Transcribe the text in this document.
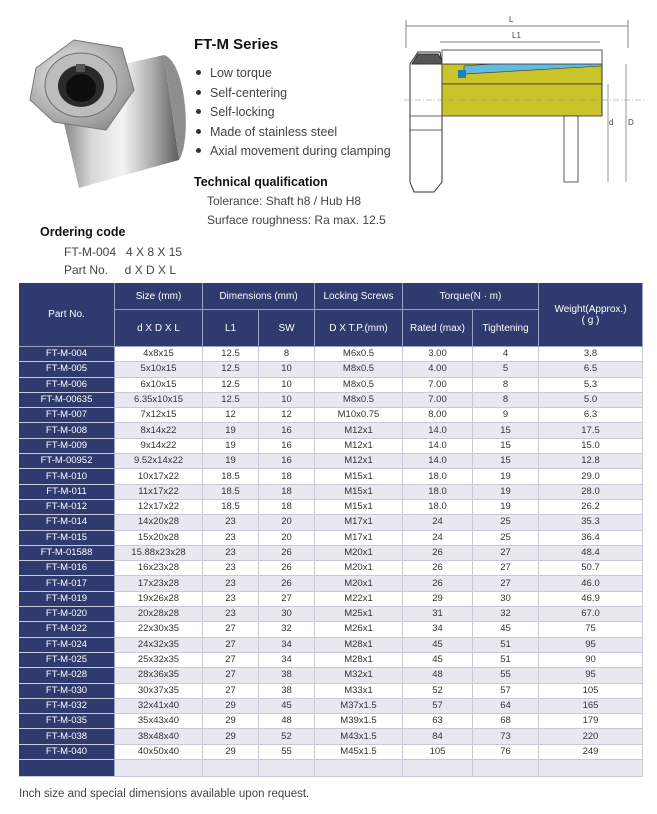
FT-M Series
Low torque
Self-centering
Self-locking
Made of stainless steel
Axial movement during clamping
Technical qualification
Tolerance: Shaft h8 / Hub H8
Surface roughness: Ra max. 12.5
Ordering code
FT-M-004   4 X 8 X 15
Part No.     d X D X L
L
L1
d D
Part No.	Size (mm)	Dimensions (mm)		Locking Screws	Torque(N · m)		Weight(Approx.)
( g )
	d X D X L	L1	SW	D X T.P.(mm)	Rated (max)	Tightening	
FT-M-004	4x8x15	12.5	8	M6x0.5	3.00	4	3.8
FT-M-005	5x10x15	12.5	10	M8x0.5	4.00	5	6.5
FT-M-006	6x10x15	12.5	10	M8x0.5	7.00	8	5.3
FT-M-00635	6.35x10x15	12.5	10	M8x0.5	7.00	8	5.0
FT-M-007	7x12x15	12	12	M10x0.75	8.00	9	6.3
FT-M-008	8x14x22	19	16	M12x1	14.0	15	17.5
FT-M-009	9x14x22	19	16	M12x1	14.0	15	15.0
FT-M-00952	9.52x14x22	19	16	M12x1	14.0	15	12.8
FT-M-010	10x17x22	18.5	18	M15x1	18.0	19	29.0
FT-M-011	11x17x22	18.5	18	M15x1	18.0	19	28.0
FT-M-012	12x17x22	18.5	18	M15x1	18.0	19	26.2
FT-M-014	14x20x28	23	20	M17x1	24	25	35.3
FT-M-015	15x20x28	23	20	M17x1	24	25	36.4
FT-M-01588	15.88x23x28	23	26	M20x1	26	27	48.4
FT-M-016	16x23x28	23	26	M20x1	26	27	50.7
FT-M-017	17x23x28	23	26	M20x1	26	27	46.0
FT-M-019	19x26x28	23	27	M22x1	29	30	46.9
FT-M-020	20x28x28	23	30	M25x1	31	32	67.0
FT-M-022	22x30x35	27	32	M26x1	34	45	75
FT-M-024	24x32x35	27	34	M28x1	45	51	95
FT-M-025	25x32x35	27	34	M28x1	45	51	90
FT-M-028	28x36x35	27	38	M32x1	48	55	95
FT-M-030	30x37x35	27	38	M33x1	52	57	105
FT-M-032	32x41x40	29	45	M37x1.5	57	64	165
FT-M-035	35x43x40	29	48	M39x1.5	63	68	179
FT-M-038	38x48x40	29	52	M43x1.5	84	73	220
FT-M-040	40x50x40	29	55	M45x1.5	105	76	249

Inch size and special dimensions available upon request.
